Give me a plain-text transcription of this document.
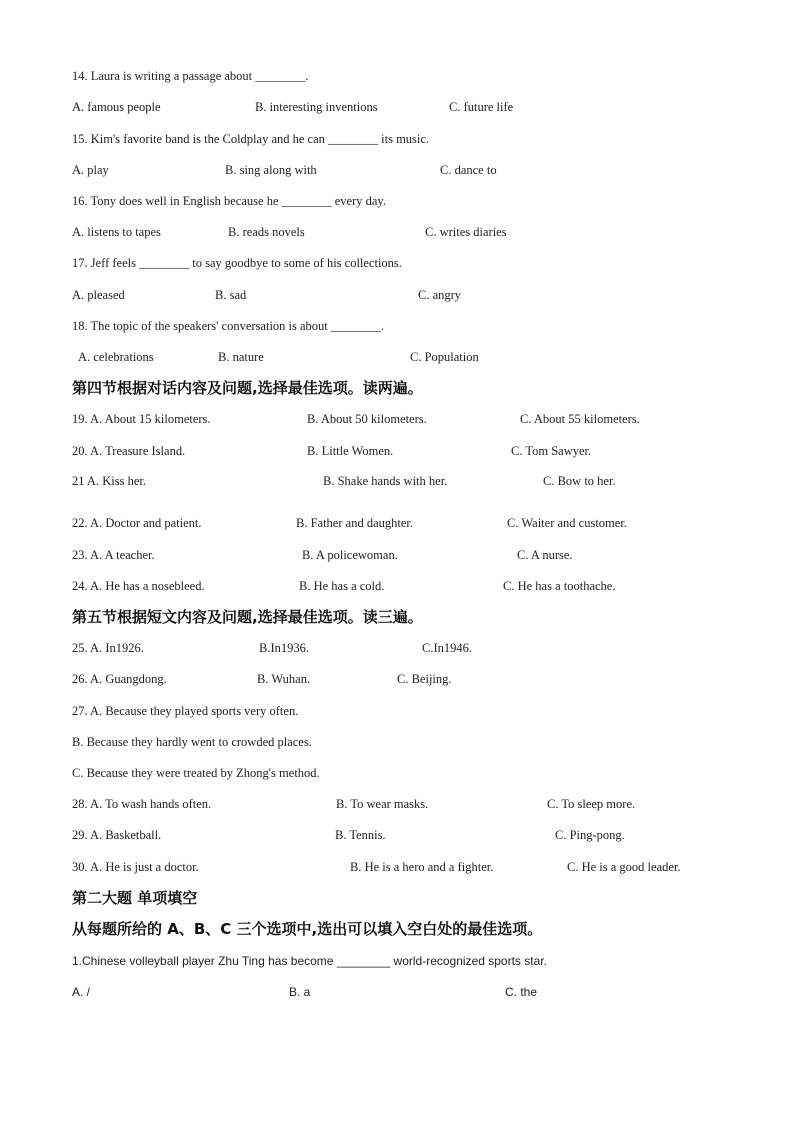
14. Laura is writing a passage about ________.
A. famous people	B. interesting inventions	C. future life
15. Kim's favorite band is the Coldplay and he can ________ its music.
A. play	B. sing along with	C. dance to
16. Tony does well in English because he ________ every day.
A. listens to tapes	B. reads novels	C. writes diaries
17. Jeff feels ________ to say goodbye to some of his collections.
A. pleased	B. sad	C. angry
18. The topic of the speakers' conversation is about ________.
A. celebrations	B. nature	C. Population
第四节根据对话内容及问题,选择最佳选项。读两遍。
19. A. About 15 kilometers.	B. About 50 kilometers.	C. About 55 kilometers.
20. A. Treasure Island.	B. Little Women.	C. Tom Sawyer.
21 A. Kiss her.	B. Shake hands with her.	C. Bow to her.
22. A. Doctor and patient.	B. Father and daughter.	C. Waiter and customer.
23. A. A teacher.	B. A policewoman.	C. A nurse.
24. A. He has a nosebleed.	B. He has a cold.	C. He has a toothache.
第五节根据短文内容及问题,选择最佳选项。读三遍。
25. A. In1926.	B.In1936.	C.In1946.
26. A. Guangdong.	B. Wuhan.	C. Beijing.
27. A. Because they played sports very often.
B. Because they hardly went to crowded places.
C. Because they were treated by Zhong's method.
28. A. To wash hands often.	B. To wear masks.	C. To sleep more.
29. A. Basketball.	B. Tennis.	C. Ping-pong.
30. A. He is just a doctor.	B. He is a hero and a fighter.	C. He is a good leader.
第二大题 单项填空
从每题所给的 A、B、C 三个选项中,选出可以填入空白处的最佳选项。
1.Chinese volleyball player Zhu Ting has become ________ world-recognized sports star.
A. /	B. a	C. the
